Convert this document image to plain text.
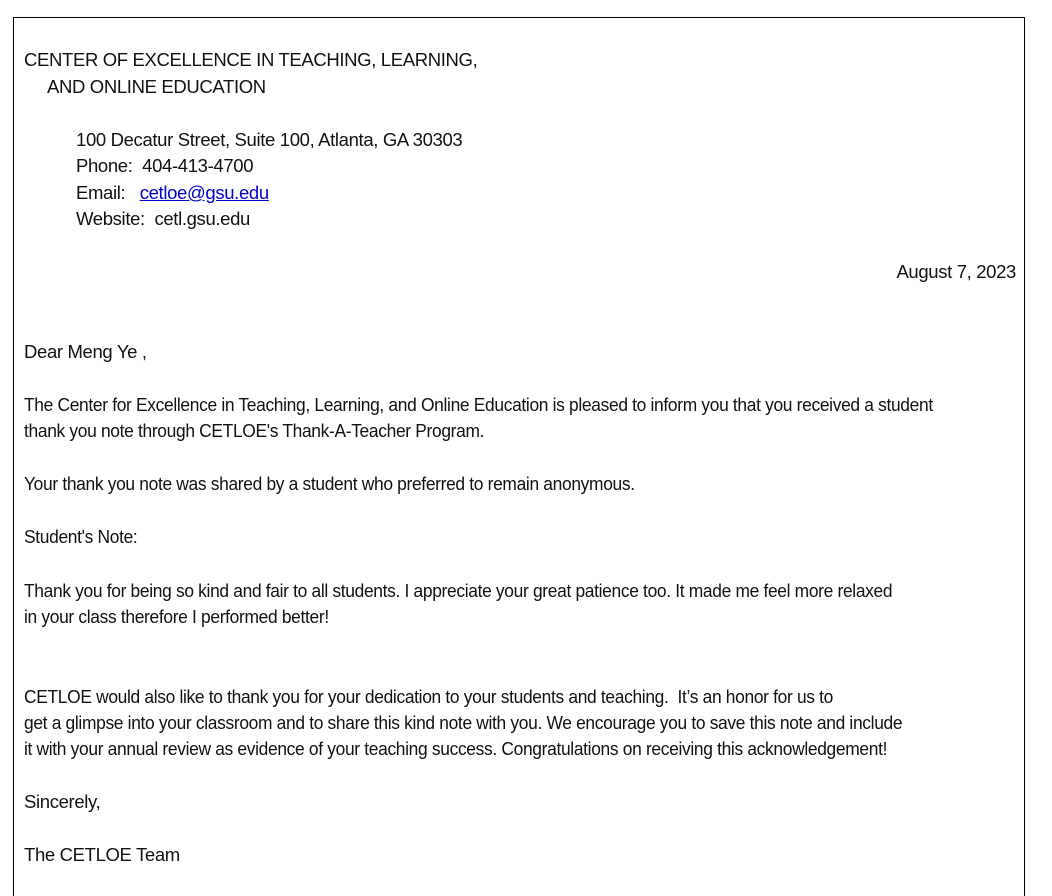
CENTER OF EXCELLENCE IN TEACHING, LEARNING,
AND ONLINE EDUCATION
100 Decatur Street, Suite 100, Atlanta, GA 30303
Phone: 404-413-4700
Email: cetloe@gsu.edu
Website: cetl.gsu.edu
August 7, 2023
Dear Meng Ye ,
The Center for Excellence in Teaching, Learning, and Online Education is pleased to inform you that you received a student
thank you note through CETLOE's Thank-A-Teacher Program.
Your thank you note was shared by a student who preferred to remain anonymous.
Student's Note:
Thank you for being so kind and fair to all students. I appreciate your great patience too. It made me feel more relaxed
in your class therefore I performed better!
CETLOE would also like to thank you for your dedication to your students and teaching.  It’s an honor for us to
get a glimpse into your classroom and to share this kind note with you. We encourage you to save this note and include
it with your annual review as evidence of your teaching success. Congratulations on receiving this acknowledgement!
Sincerely,
The CETLOE Team
